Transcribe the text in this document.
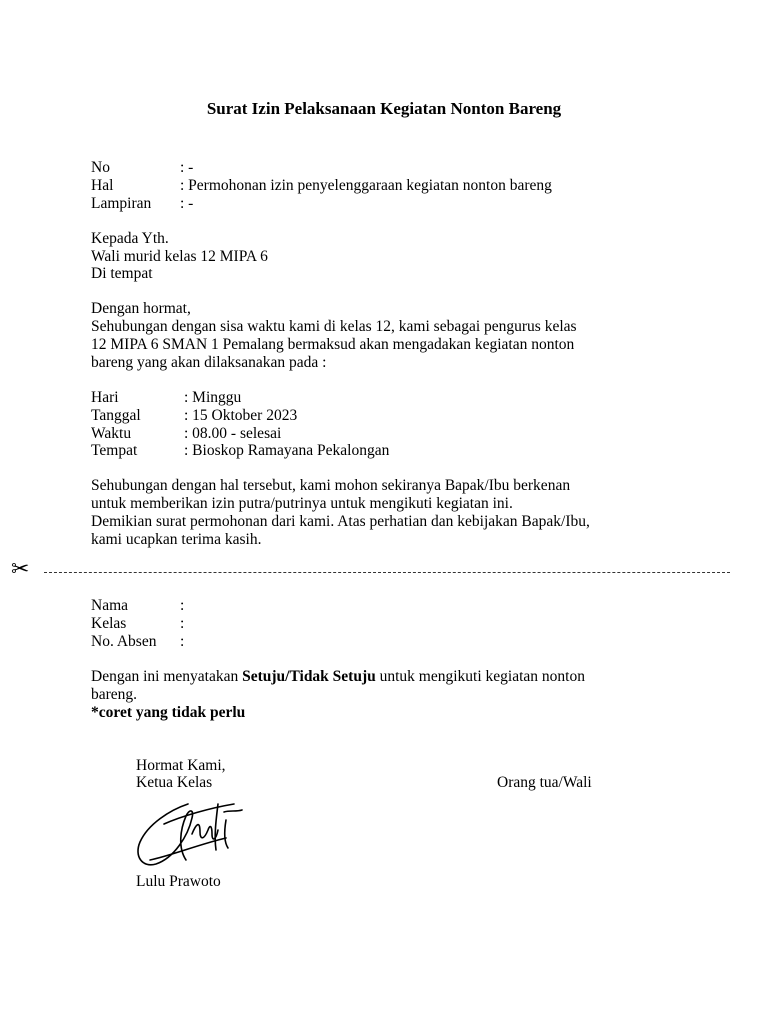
Surat Izin Pelaksanaan Kegiatan Nonton Bareng
No	: -
Hal	: Permohonan izin penyelenggaraan kegiatan nonton bareng
Lampiran : -
Kepada Yth.
Wali murid kelas 12 MIPA 6
Di tempat
Dengan hormat,
Sehubungan dengan sisa waktu kami di kelas 12, kami sebagai pengurus kelas
12 MIPA 6 SMAN 1 Pemalang bermaksud akan mengadakan kegiatan nonton
bareng yang akan dilaksanakan pada :
Hari	: Minggu
Tanggal	: 15 Oktober 2023
Waktu	: 08.00 - selesai
Tempat	: Bioskop Ramayana Pekalongan
Sehubungan dengan hal tersebut, kami mohon sekiranya Bapak/Ibu berkenan
untuk memberikan izin putra/putrinya untuk mengikuti kegiatan ini.
Demikian surat permohonan dari kami. Atas perhatian dan kebijakan Bapak/Ibu,
kami ucapkan terima kasih.
✂
Nama	:
Kelas	:
No. Absen :
Dengan ini menyatakan Setuju/Tidak Setuju untuk mengikuti kegiatan nonton
bareng.
*coret yang tidak perlu
Hormat Kami,
Ketua Kelas	Orang tua/Wali
Lulu Prawoto
